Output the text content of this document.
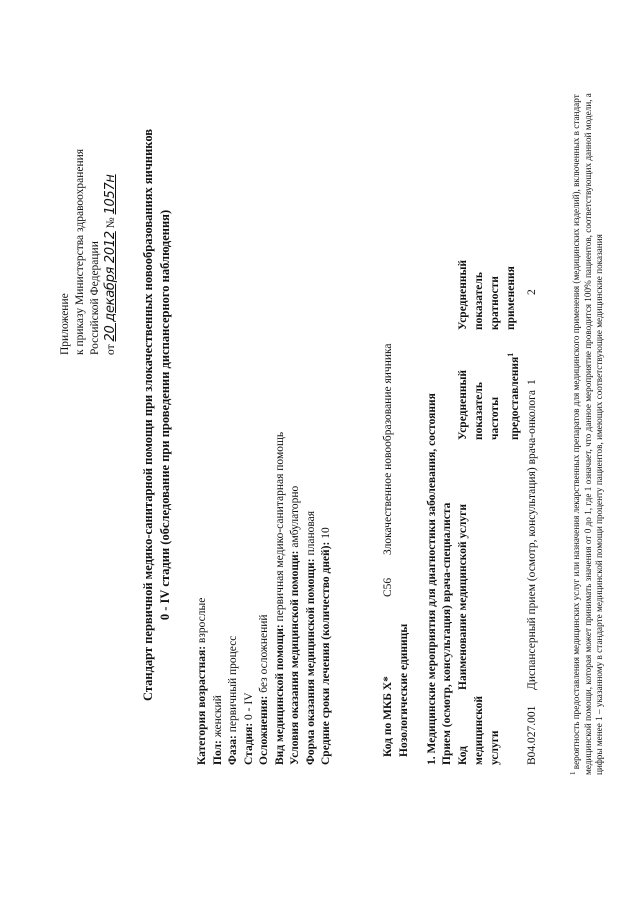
Приложение к приказу Министерства здравоохранения Российской Федерации от 20 декабря 2012 № 1057н Стандарт первичной медико-санитарной помощи при злокачественных новообразованиях яичников 0 - IV стадии (обследование при проведении диспансерного наблюдения)
Категория возрастная: взрослые
Пол: женский
Фаза: первичный процесс
Стадия: 0 - IV Осложнения: без осложнений Вид медицинской помощи: первичная медико-санитарная помощь
Условия оказания медицинской помощи: амбулаторно
Форма оказания медицинской помощи: плановая
Средние сроки лечения (количество дней): 10
Код по МКБ X*C56Злокачественное новообразование яичника
Нозологические единицы 1. Медицинские мероприятия для диагностики заболевания, состояния Прием (осмотр, консультация) врача-специалиста Код медицинской услуги
Наименование медицинской услуги
Усредненный показатель частоты предоставления$^1$
Усредненный показатель кратности применения
B04.027.001
Диспансерный прием (осмотр, консультация) врача-онколога
1
2
$^1$ вероятность предоставления медицинских услуг или назначения лекарственных препаратов для медицинского применения (медицинских изделий), включенных в стандарт медицинской помощи, которая может принимать значения от 0 до 1, где 1 означает, что данное мероприятие проводится 100% пациентов, соответствующих данной модели, а цифры менее 1 – указанному в стандарте медицинской помощи проценту пациентов, имеющих соответствующие медицинские показания
